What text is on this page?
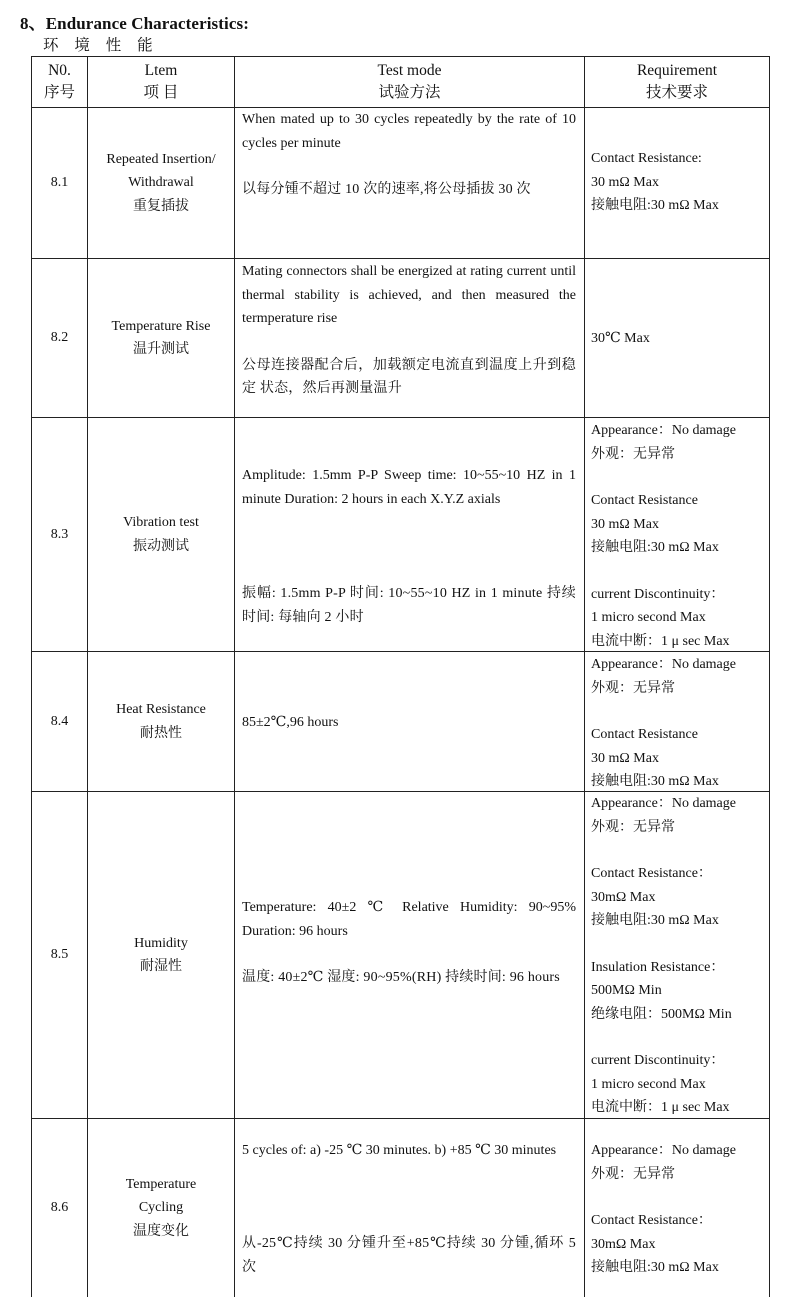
8、Endurance Characteristics:
环 境 性 能
N0.
序号
Ltem
项 目
Test mode
试验方法
Requirement
技术要求
8.1
Repeated Insertion/
Withdrawal
重复插拔
When mated up to 30 cycles repeatedly by the rate of 10 cycles per minute
以每分锺不超过 10 次的速率,将公母插拔 30 次
Contact Resistance:
30 mΩ Max
接触电阻:30 mΩ Max
8.2
Temperature Rise
温升测试
Mating connectors shall be energized at rating current until thermal stability is achieved, and then measured the termperature rise
公母连接器配合后，加载额定电流直到温度上升到稳定 状态，然后再测量温升
30℃ Max
8.3
Vibration test
振动测试
Amplitude: 1.5mm P-P Sweep time: 10~55~10 HZ in 1 minute Duration: 2 hours in each X.Y.Z axials
振幅: 1.5mm P-P 时间: 10~55~10 HZ in 1 minute 持续时间: 每轴向 2 小时
Appearance：No damage
外观：无异常
Contact Resistance
30 mΩ Max
接触电阻:30 mΩ Max
current Discontinuity：
1 micro second Max
电流中断：1 μ sec Max
8.4
Heat Resistance
耐热性
85±2℃,96 hours
Appearance：No damage
外观：无异常
Contact Resistance
30 mΩ Max
接触电阻:30 mΩ Max
8.5
Humidity
耐湿性
Temperature: 40±2 ℃ Relative Humidity: 90~95% Duration: 96 hours
温度: 40±2℃ 湿度: 90~95%(RH) 持续时间: 96 hours
Appearance：No damage
外观：无异常
Contact Resistance：
30mΩ Max
接触电阻:30 mΩ Max
Insulation Resistance：
500MΩ Min
绝缘电阻：500MΩ Min
current Discontinuity：
1 micro second Max
电流中断：1 μ sec Max
8.6
Temperature
Cycling
温度变化
5 cycles of: a) -25 ℃ 30 minutes. b) +85 ℃ 30 minutes
从-25℃持续 30 分锺升至+85℃持续 30 分锺,循环 5 次
Appearance：No damage
外观：无异常
Contact Resistance：
30mΩ Max
接触电阻:30 mΩ Max
